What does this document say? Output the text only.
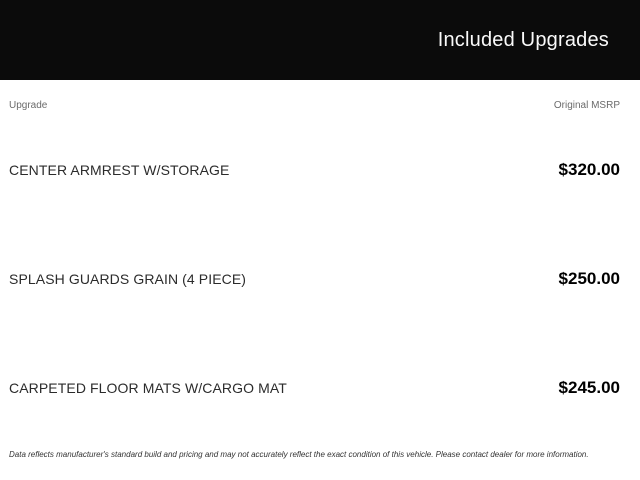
Included Upgrades
Upgrade	Original MSRP
CENTER ARMREST W/STORAGE	$320.00
SPLASH GUARDS GRAIN (4 PIECE)	$250.00
CARPETED FLOOR MATS W/CARGO MAT	$245.00
Data reflects manufacturer's standard build and pricing and may not accurately reflect the exact condition of this vehicle. Please contact dealer for more information.
